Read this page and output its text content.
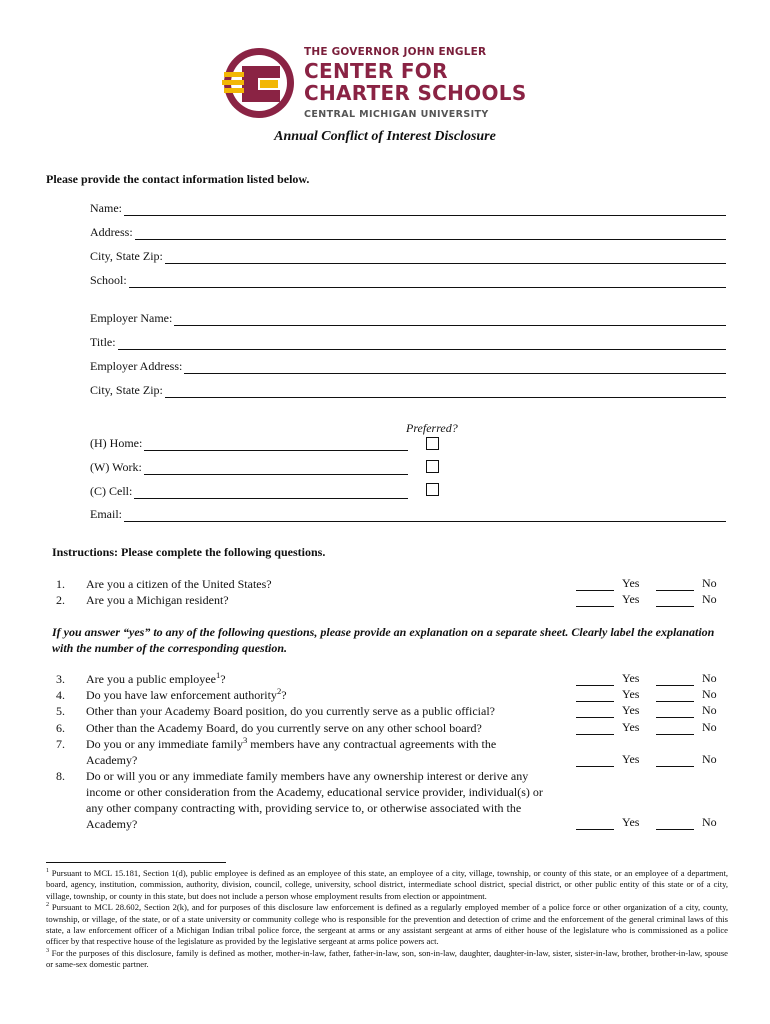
THE GOVERNOR JOHN ENGLER
CENTER FOR
CHARTER SCHOOLS
CENTRAL MICHIGAN UNIVERSITY
Annual Conflict of Interest Disclosure
Please provide the contact information listed below.
Name:
Address:
City, State Zip:
School:
Employer Name:
Title:
Employer Address:
City, State Zip:
Preferred?
(H) Home:
(W) Work:
(C) Cell:
Email:
Instructions: Please complete the following questions.
1.	Are you a citizen of the United States?	Yes	No
2.	Are you a Michigan resident?	Yes	No
If you answer “yes” to any of the following questions, please provide an explanation on a separate sheet. Clearly label the explanation with the number of the corresponding question.
3.	Are you a public employee$^1$?	Yes	No
4.	Do you have law enforcement authority$^2$?	Yes	No
5.	Other than your Academy Board position, do you currently serve as a public official?	Yes	No
6.	Other than the Academy Board, do you currently serve on any other school board?	Yes	No
7.	Do you or any immediate family$^3$ members have any contractual agreements with the Academy?	Yes	No
8.	Do or will you or any immediate family members have any ownership interest or derive any income or other consideration from the Academy, educational service provider, individual(s) or any other company contracting with, providing service to, or otherwise associated with the Academy?	Yes	No

$^1$ Pursuant to MCL 15.181, Section 1(d), public employee is defined as an employee of this state, an employee of a city, village, township, or county of this state, or an employee of a department, board, agency, institution, commission, authority, division, council, college, university, school district, intermediate school district, special district, or other public entity of this state or of a city, village, township, or county in this state, but does not include a person whose employment results from election or appointment.

$^2$ Pursuant to MCL 28.602, Section 2(k), and for purposes of this disclosure law enforcement is defined as a regularly employed member of a police force or other organization of a city, county, township, or village, of the state, or of a state university or community college who is responsible for the prevention and detection of crime and the enforcement of the general criminal laws of this state, a law enforcement officer of a Michigan Indian tribal police force, the sergeant at arms or any assistant sergeant at arms of either house of the legislature who is commissioned as a police officer by that respective house of the legislature as provided by the legislative sergeant at arms police powers act.

$^3$ For the purposes of this disclosure, family is defined as mother, mother-in-law, father, father-in-law, son, son-in-law, daughter, daughter-in-law, sister, sister-in-law, brother, brother-in-law, spouse or same-sex domestic partner.
